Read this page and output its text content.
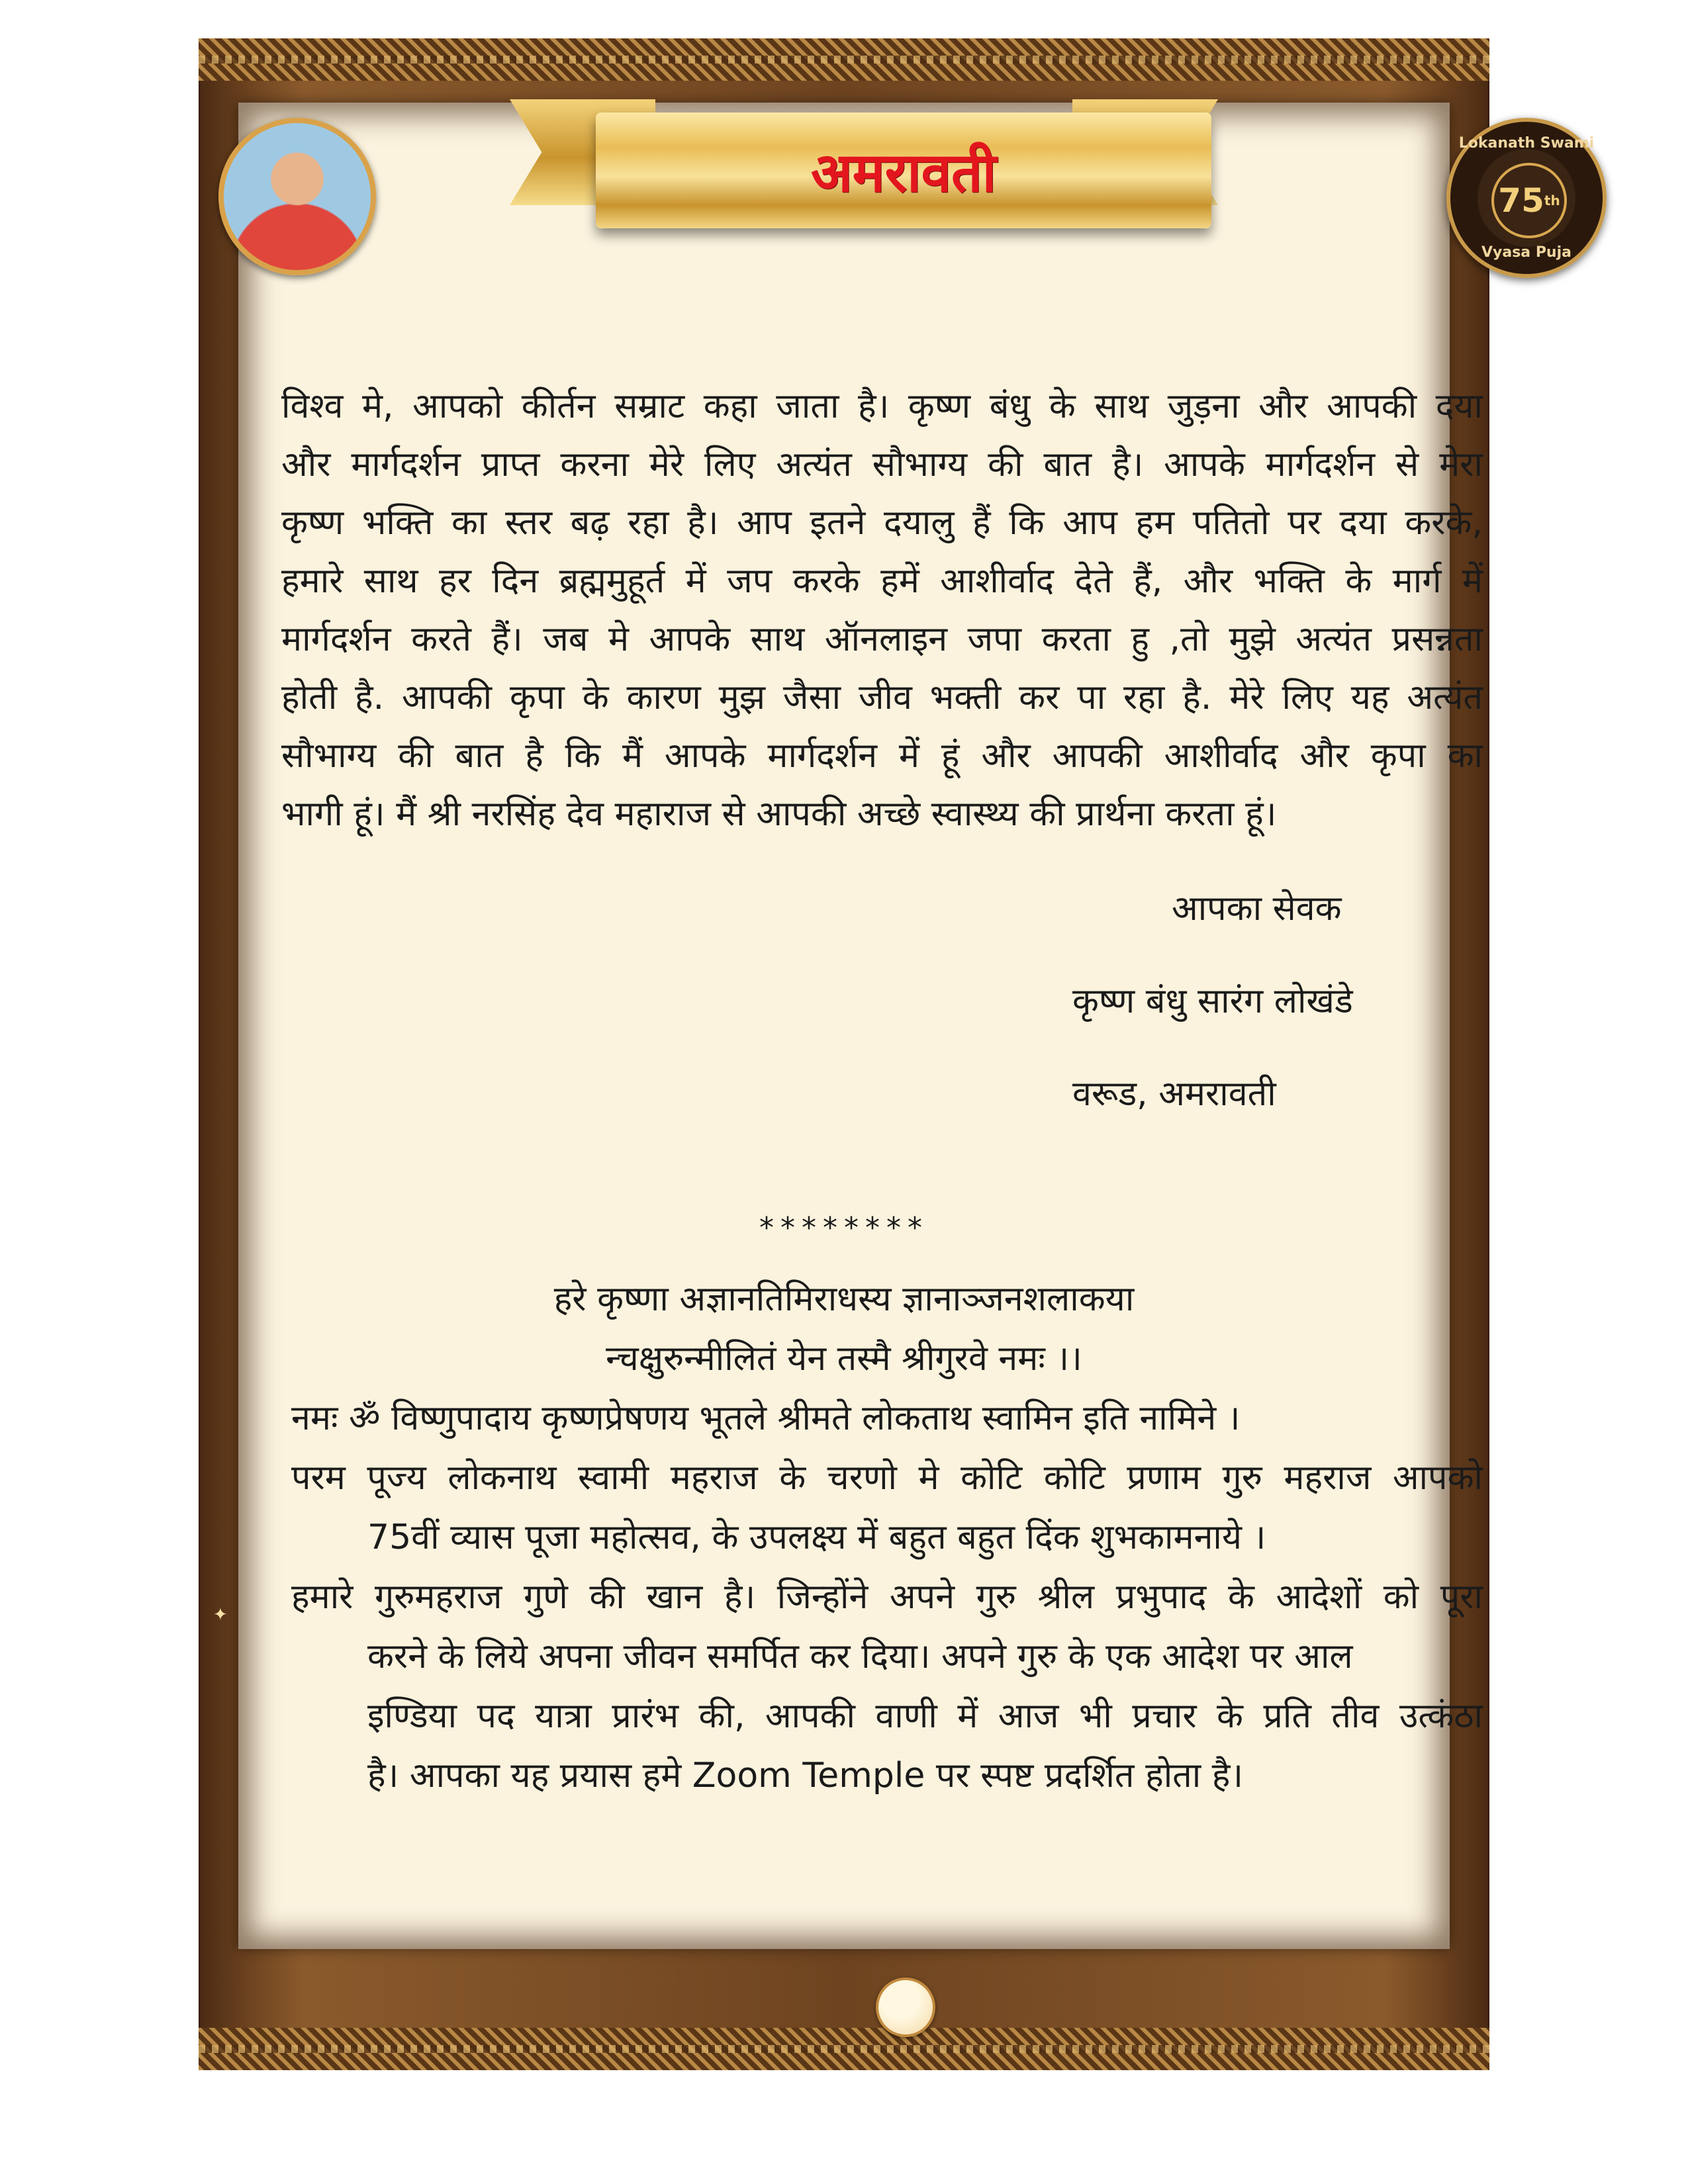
अमरावती	Lokanath Swami
75 th
Vyasa Puja
विश्व मे, आपको कीर्तन सम्राट कहा जाता है। कृष्ण बंधु के साथ जुड़ना और आपकी दया
और मार्गदर्शन प्राप्त करना मेरे लिए अत्यंत सौभाग्य की बात है। आपके मार्गदर्शन से मेरा
कृष्ण भक्ति का स्तर बढ़ रहा है। आप इतने दयालु हैं कि आप हम पतितो पर दया करके,
हमारे साथ हर दिन ब्रह्ममुहूर्त में जप करके हमें आशीर्वाद देते हैं, और भक्ति के मार्ग में
मार्गदर्शन करते हैं। जब मे आपके साथ ऑनलाइन जपा करता हु ,तो मुझे अत्यंत प्रसन्नता
होती है. आपकी कृपा के कारण मुझ जैसा जीव भक्ती कर पा रहा है. मेरे लिए यह अत्यंत
सौभाग्य की बात है कि मैं आपके मार्गदर्शन में हूं और आपकी आशीर्वाद और कृपा का
भागी हूं। मैं श्री नरसिंह देव महाराज से आपकी अच्छे स्वास्थ्य की प्रार्थना करता हूं।
आपका सेवक
कृष्ण बंधु सारंग लोखंडे
वरूड, अमरावती
********
हरे कृष्णा अज्ञानतिमिराधस्य ज्ञानाञ्जनशलाकया
न्चक्षुरुन्मीलितं येन तस्मै श्रीगुरवे नमः ।।
नमः ॐ विष्णुपादाय कृष्णप्रेषणय भूतले श्रीमते लोकताथ स्वामिन इति नामिने ।
परम पूज्य लोकनाथ स्वामी महराज के चरणो मे कोटि कोटि प्रणाम गुरु महराज आपको
75वीं व्यास पूजा महोत्सव, के उपलक्ष्य में बहुत बहुत दिंक शुभकामनाये ।
हमारे गुरुमहराज गुणे की खान है। जिन्होंने अपने गुरु श्रील प्रभुपाद के आदेशों को पूरा
करने के लिये अपना जीवन समर्पित कर दिया। अपने गुरु के एक आदेश पर आल
इण्डिया पद यात्रा प्रारंभ की, आपकी वाणी में आज भी प्रचार के प्रति तीव उत्कंठा
है। आपका यह प्रयास हमे Zoom Temple पर स्पष्ट प्रदर्शित होता है।
✦
